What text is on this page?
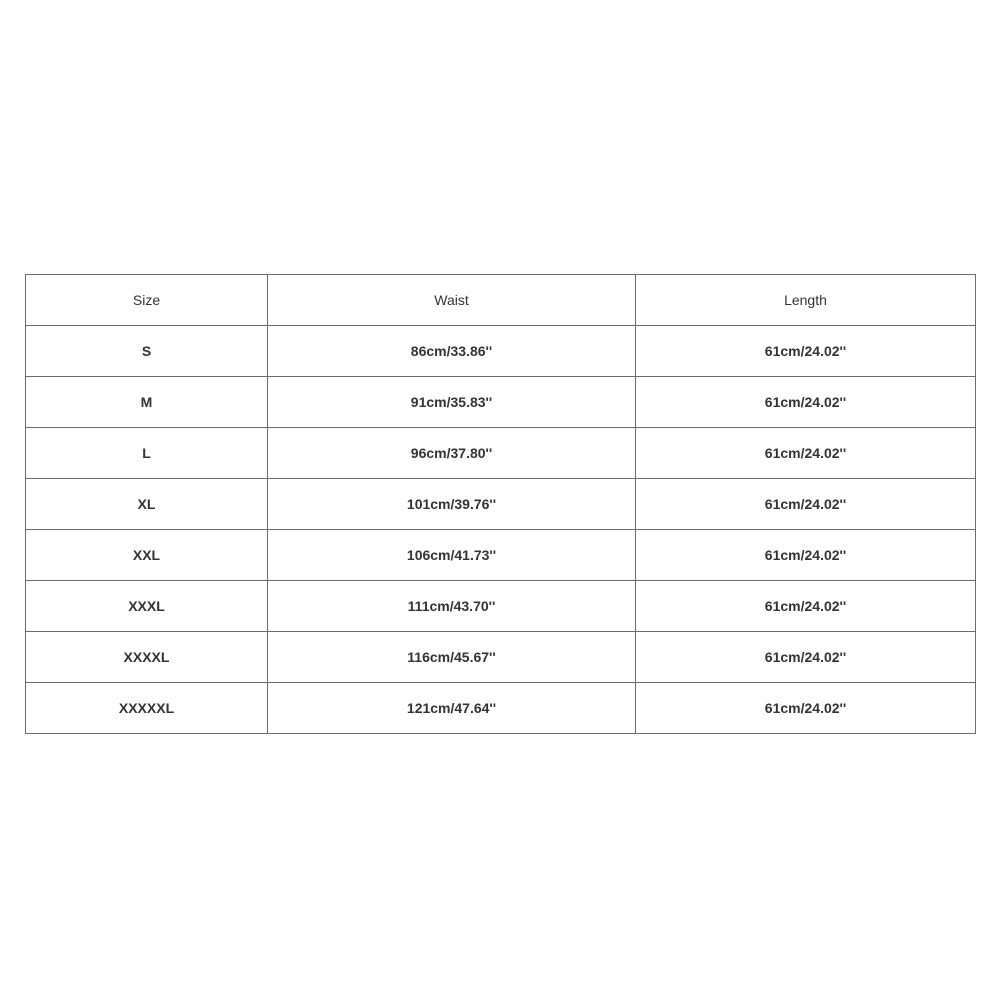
Size	Waist	Length
S	86cm/33.86''	61cm/24.02''
M	91cm/35.83''	61cm/24.02''
L	96cm/37.80''	61cm/24.02''
XL	101cm/39.76''	61cm/24.02''
XXL	106cm/41.73''	61cm/24.02''
XXXL	111cm/43.70''	61cm/24.02''
XXXXL	116cm/45.67''	61cm/24.02''
XXXXXL	121cm/47.64''	61cm/24.02''
